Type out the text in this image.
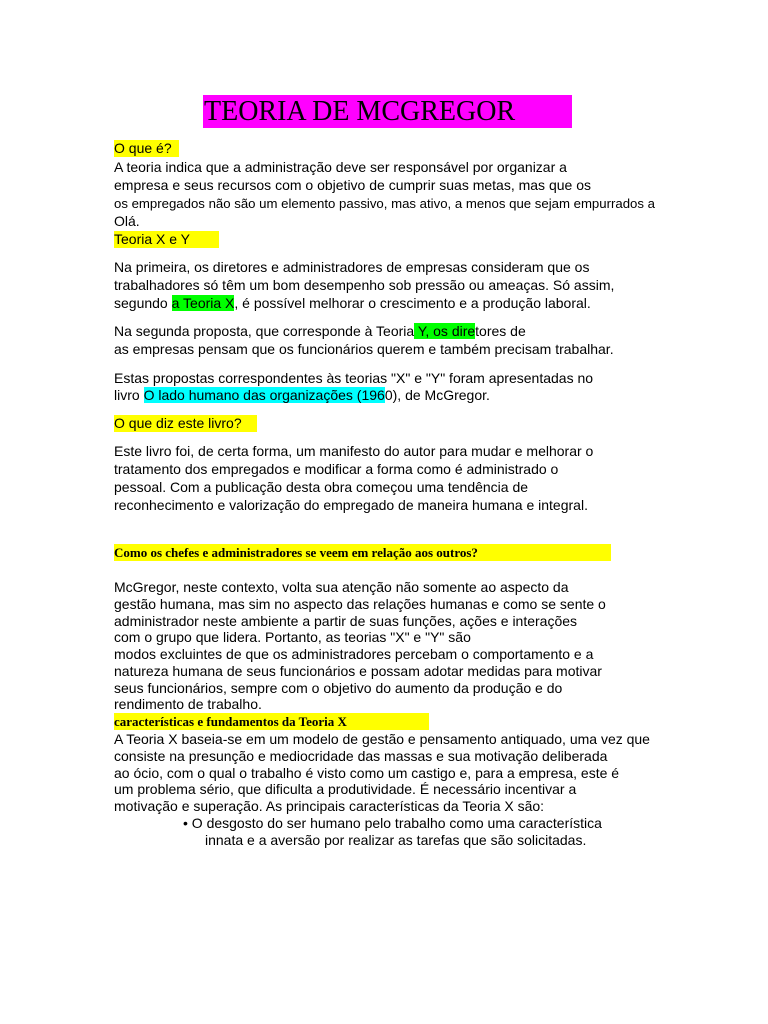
TEORIA DE MCGREGOR
O que é?
A teoria indica que a administração deve ser responsável por organizar a
empresa e seus recursos com o objetivo de cumprir suas metas, mas que os
os empregados não são um elemento passivo, mas ativo, a menos que sejam empurrados a
Olá.
Teoria X e Y
Na primeira, os diretores e administradores de empresas consideram que os
trabalhadores só têm um bom desempenho sob pressão ou ameaças. Só assim,
segundo a Teoria X, é possível melhorar o crescimento e a produção laboral.
Na segunda proposta, que corresponde à Teoria Y, os diretores de
as empresas pensam que os funcionários querem e também precisam trabalhar.
Estas propostas correspondentes às teorias "X" e "Y" foram apresentadas no
livro O lado humano das organizações (1960), de McGregor.
O que diz este livro?
Este livro foi, de certa forma, um manifesto do autor para mudar e melhorar o
tratamento dos empregados e modificar a forma como é administrado o
pessoal. Com a publicação desta obra começou uma tendência de
reconhecimento e valorização do empregado de maneira humana e integral.
Como os chefes e administradores se veem em relação aos outros?
McGregor, neste contexto, volta sua atenção não somente ao aspecto da
gestão humana, mas sim no aspecto das relações humanas e como se sente o
administrador neste ambiente a partir de suas funções, ações e interações
com o grupo que lidera. Portanto, as teorias "X" e "Y" são
modos excluintes de que os administradores percebam o comportamento e a
natureza humana de seus funcionários e possam adotar medidas para motivar
seus funcionários, sempre com o objetivo do aumento da produção e do
rendimento de trabalho.
características e fundamentos da Teoria X
A Teoria X baseia-se em um modelo de gestão e pensamento antiquado, uma vez que
consiste na presunção e mediocridade das massas e sua motivação deliberada
ao ócio, com o qual o trabalho é visto como um castigo e, para a empresa, este é
um problema sério, que dificulta a produtividade. É necessário incentivar a
motivação e superação. As principais características da Teoria X são:
• O desgosto do ser humano pelo trabalho como uma característica
innata e a aversão por realizar as tarefas que são solicitadas.
